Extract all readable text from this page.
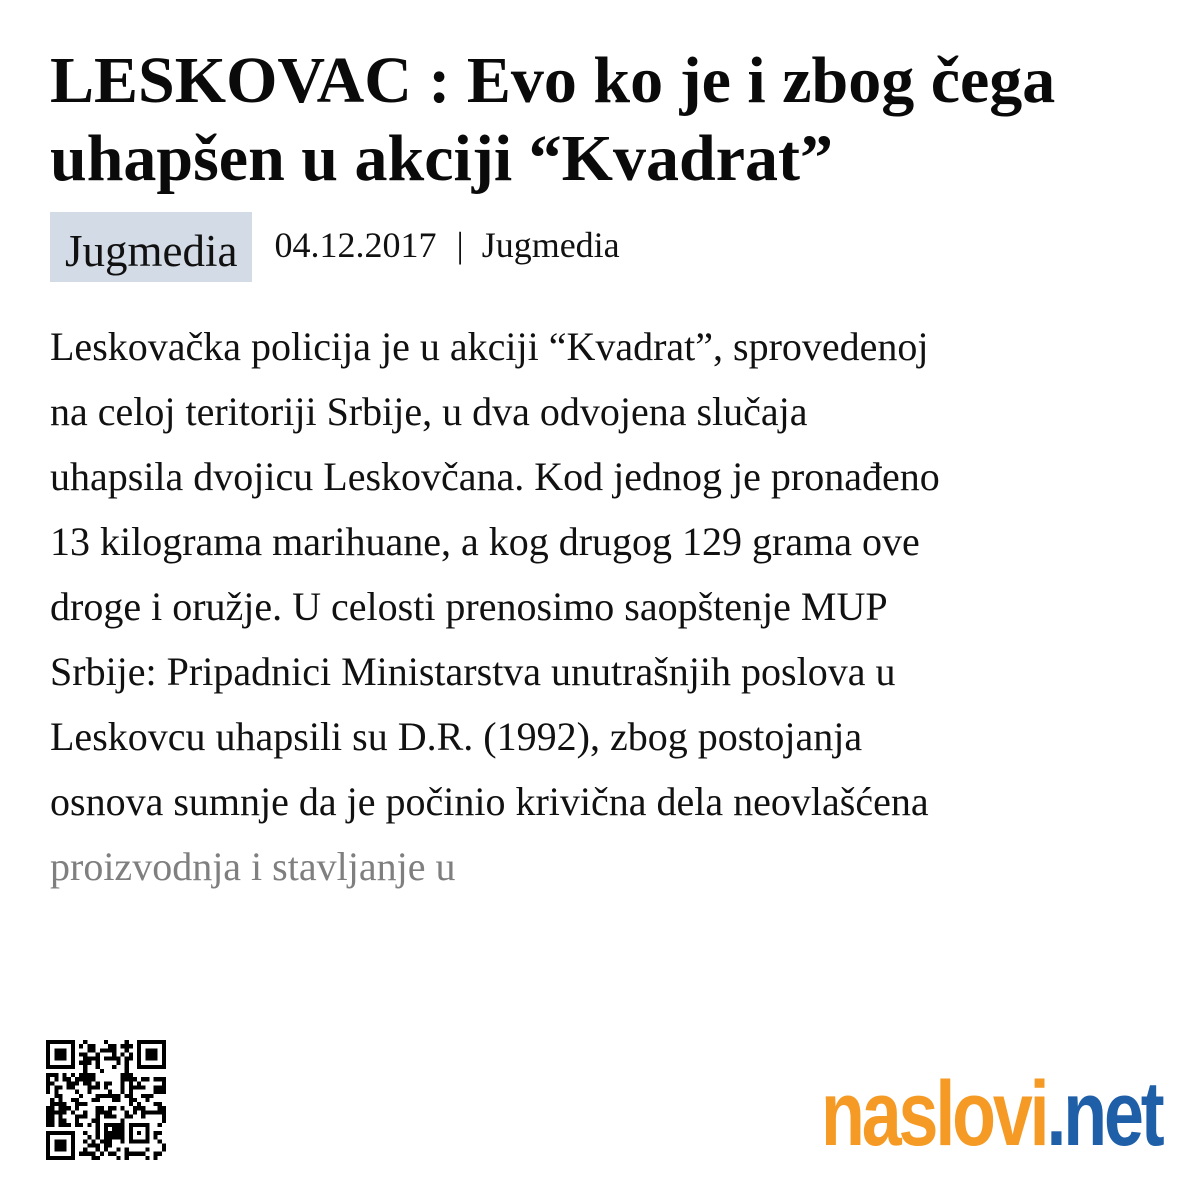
LESKOVAC : Evo ko je i zbog čega uhapšen u akciji “Kvadrat”
Jugmedia	04.12.2017 | Jugmedia
Leskovačka policija je u akciji “Kvadrat”, sprovedenoj
na celoj teritoriji Srbije, u dva odvojena slučaja
uhapsila dvojicu Leskovčana. Kod jednog je pronađeno
13 kilograma marihuane, a kog drugog 129 grama ove
droge i oružje. U celosti prenosimo saopštenje MUP
Srbije: Pripadnici Ministarstva unutrašnjih poslova u
Leskovcu uhapsili su D.R. (1992), zbog postojanja
osnova sumnje da je počinio krivična dela neovlašćena
proizvodnja i stavljanje u
naslovi.net
